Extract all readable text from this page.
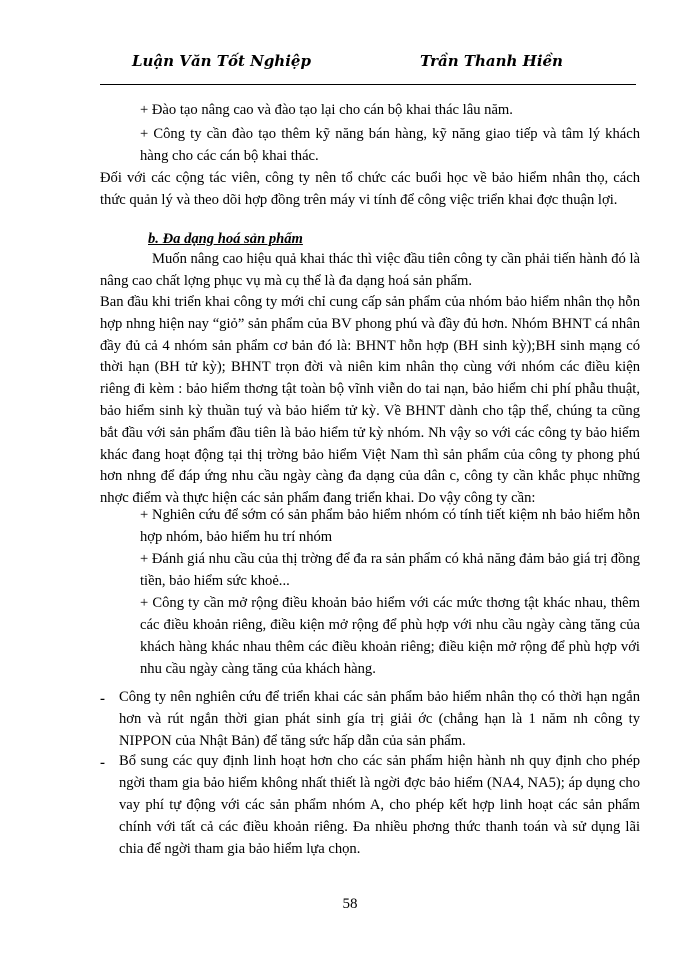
Luận Văn Tốt Nghiệp	Trần Thanh Hiền
+ Đào tạo nâng cao và đào tạo lại cho cán bộ khai thác lâu năm.
+ Công ty cần đào tạo thêm kỹ năng bán hàng, kỹ năng giao tiếp và tâm lý khách hàng cho các cán bộ khai thác.
Đối với các cộng tác viên, công ty nên tổ chức các buổi học về bảo hiểm nhân thọ, cách thức quản lý và theo dõi hợp đồng trên máy vi tính để công việc triển khai đợc thuận lợi.
b. Đa dạng hoá sản phẩm
Muốn nâng cao hiệu quả khai thác thì việc đầu tiên công ty cần phải tiến hành đó là nâng cao chất lợng phục vụ mà cụ thể là đa dạng hoá sản phẩm.
Ban đầu khi triển khai công ty mới chỉ cung cấp sản phẩm của nhóm bảo hiểm nhân thọ hỗn hợp nhng hiện nay “giỏ” sản phẩm của BV phong phú và đầy đủ hơn. Nhóm BHNT cá nhân đầy đủ cả 4 nhóm sản phẩm cơ bản đó là: BHNT hỗn hợp (BH sinh kỳ);BH sinh mạng có thời hạn (BH tử kỳ); BHNT trọn đời và niên kim nhân thọ cùng với nhóm các điều kiện riêng đi kèm : bảo hiểm thơng tật toàn bộ vĩnh viễn do tai nạn, bảo hiểm chi phí phẫu thuật, bảo hiểm sinh kỳ thuần tuý và bảo hiểm tử kỳ. Về BHNT dành cho tập thể, chúng ta cũng bắt đầu với sản phẩm đầu tiên là bảo hiểm tử kỳ nhóm. Nh vậy so với các công ty bảo hiểm khác đang hoạt động tại thị trờng bảo hiểm Việt Nam thì sản phẩm của công ty phong phú hơn nhng để đáp ứng nhu cầu ngày càng đa dạng của dân c, công ty cần khắc phục những nhợc điểm và thực hiện các sản phẩm đang triển khai. Do vậy công ty cần:
+ Nghiên cứu để sớm có sản phẩm bảo hiểm nhóm có tính tiết kiệm nh bảo hiểm hỗn hợp nhóm, bảo hiểm hu trí nhóm
+ Đánh giá nhu cầu của thị trờng để đa ra sản phẩm có khả năng đảm bảo giá trị đồng tiền, bảo hiểm sức khoẻ...
+ Công ty cần mở rộng điều khoản bảo hiểm với các mức thơng tật khác nhau, thêm các điều khoản riêng, điều kiện mở rộng để phù hợp với nhu cầu ngày càng tăng của khách hàng khác nhau thêm các điều khoản riêng; điều kiện mở rộng để phù hợp với nhu cầu ngày càng tăng của khách hàng.
- Công ty nên nghiên cứu để triển khai các sản phẩm bảo hiểm nhân thọ có thời hạn ngắn hơn và rút ngắn thời gian phát sinh gía trị giải ớc (chẳng hạn là 1 năm nh công ty NIPPON của Nhật Bản) để tăng sức hấp dẫn của sản phẩm.
- Bổ sung các quy định linh hoạt hơn cho các sản phẩm hiện hành nh quy định cho phép ngời tham gia bảo hiểm không nhất thiết là ngời đợc bảo hiểm (NA4, NA5); áp dụng cho vay phí tự động với các sản phẩm nhóm A, cho phép kết hợp linh hoạt các sản phẩm chính với tất cả các điều khoản riêng. Đa nhiều phơng thức thanh toán và sử dụng lãi chia để ngời tham gia bảo hiểm lựa chọn.
58
